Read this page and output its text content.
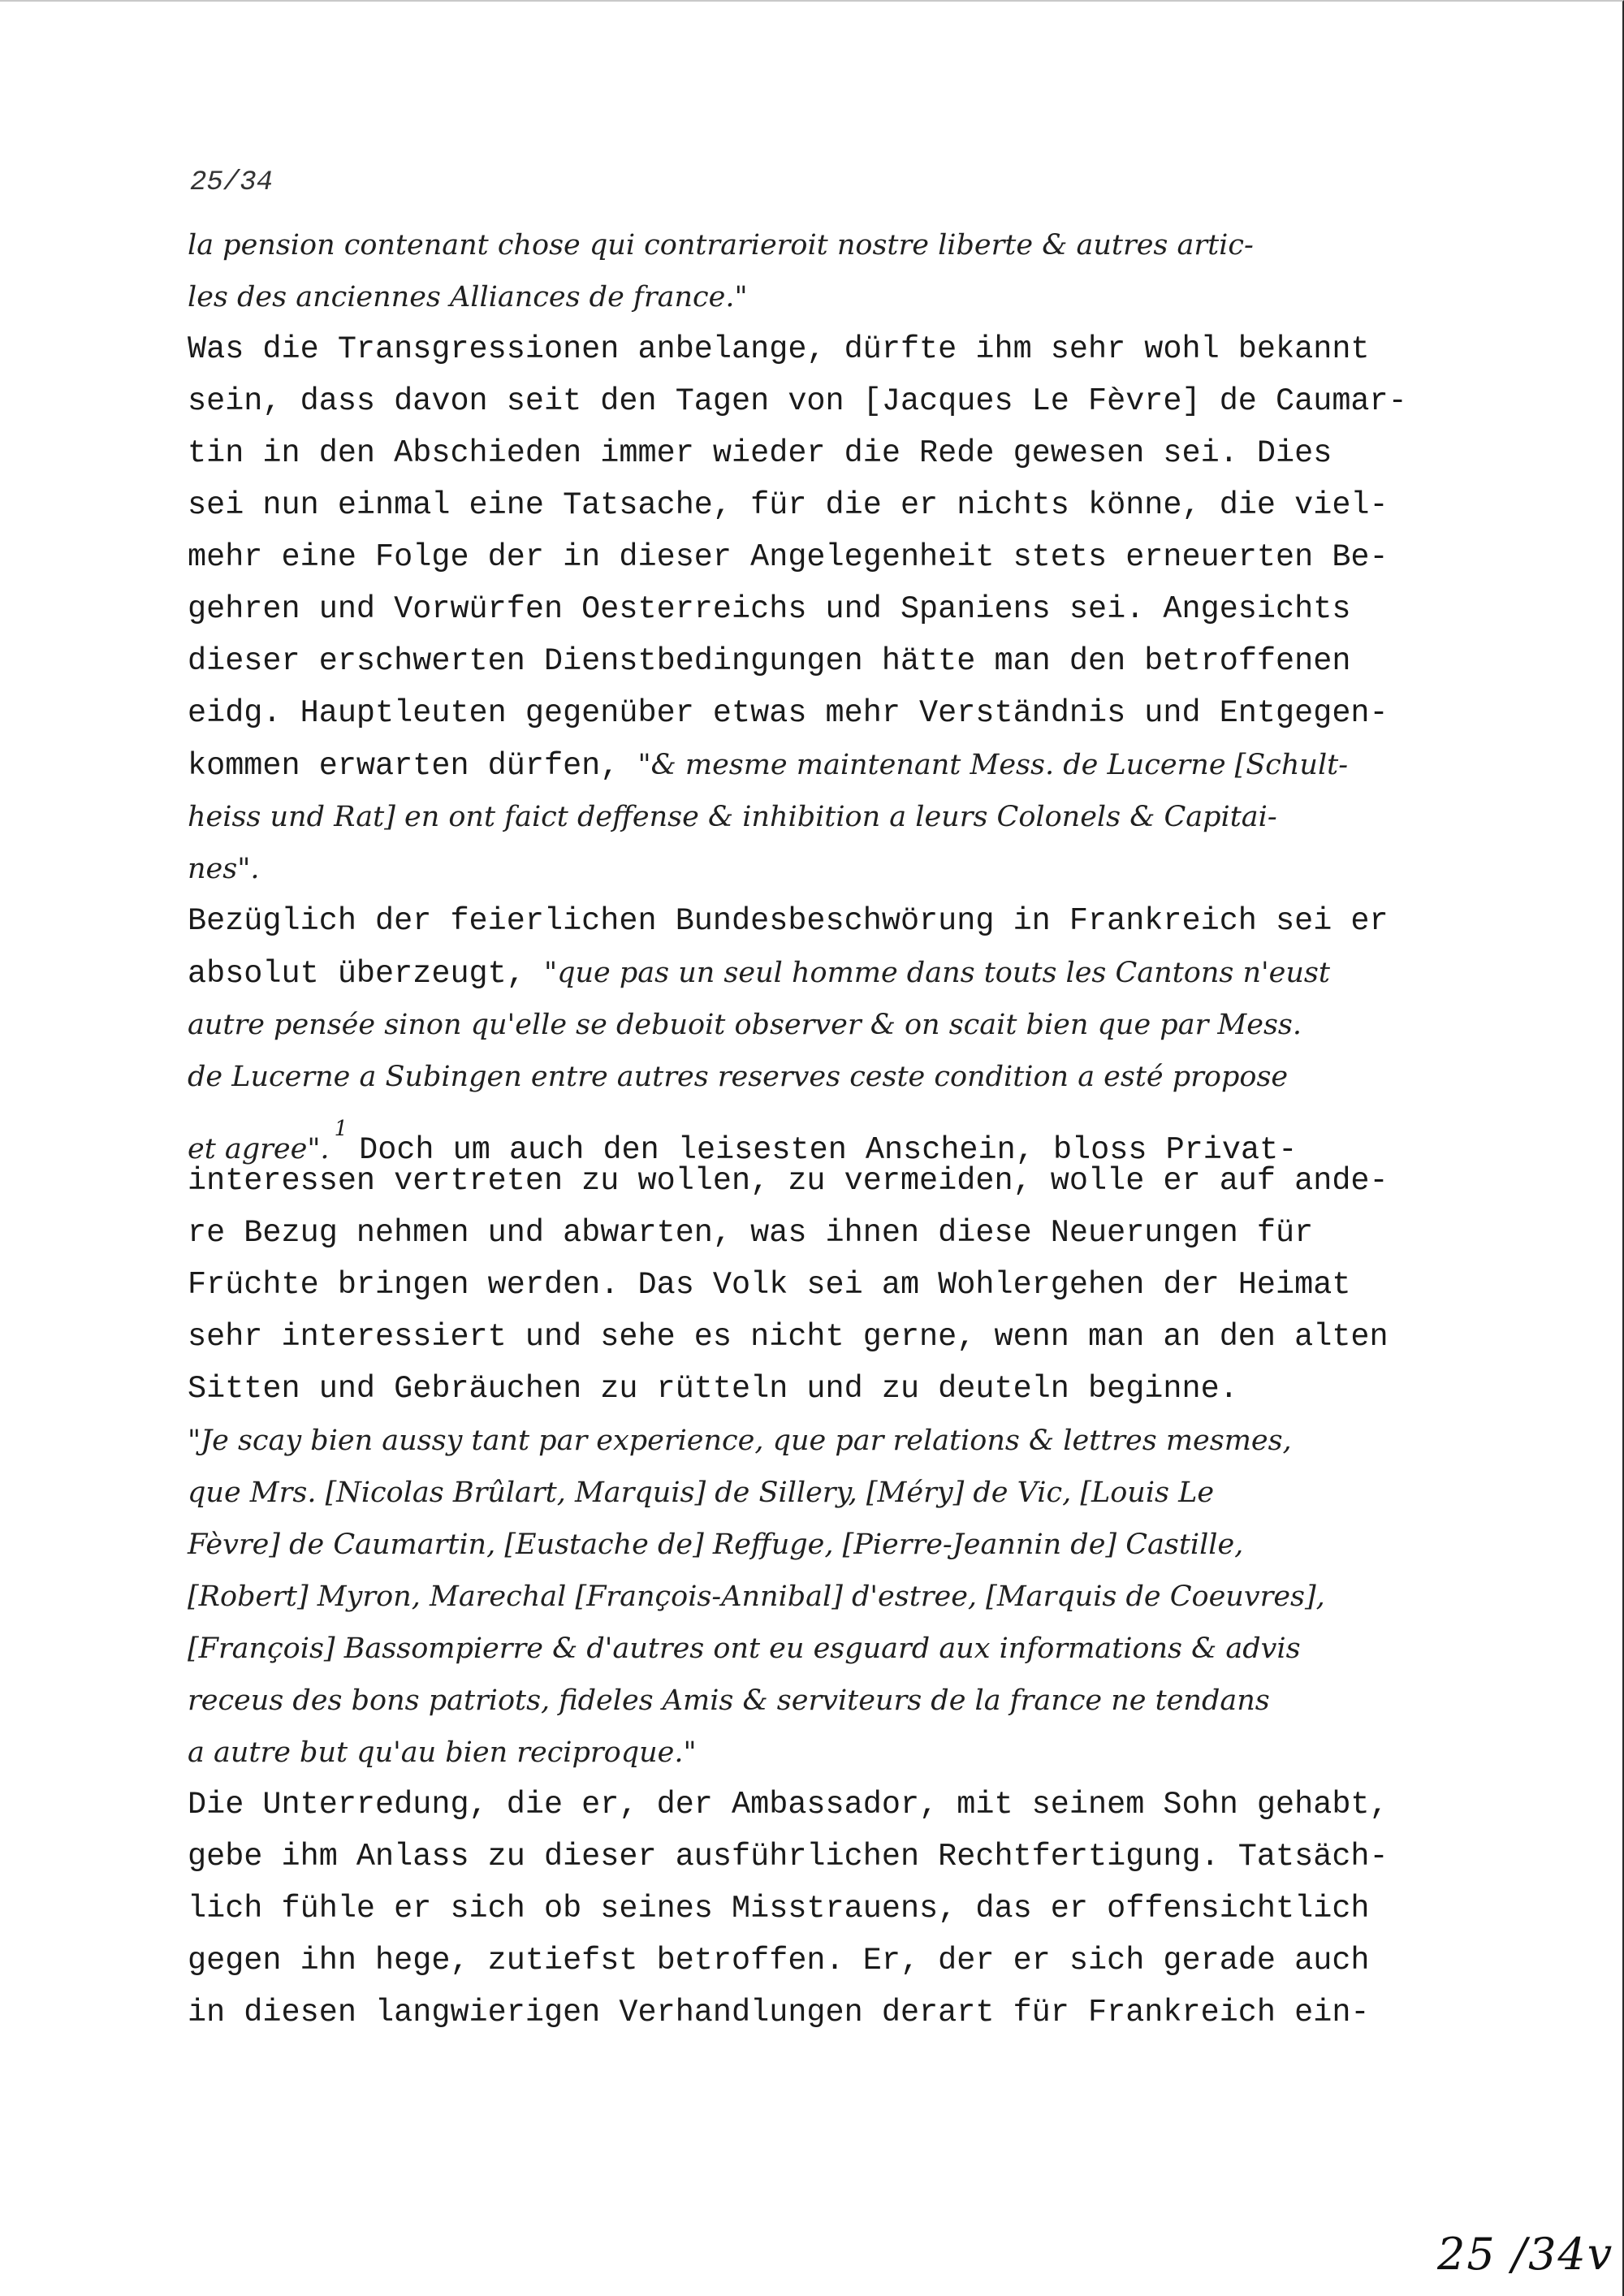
25/34
la pension contenant chose qui contrarieroit nostre liberte & autres artic-
les des anciennes Alliances de france."
Was die Transgressionen anbelange, dürfte ihm sehr wohl bekannt
sein, dass davon seit den Tagen von [Jacques Le Fèvre] de Caumar-
tin in den Abschieden immer wieder die Rede gewesen sei. Dies
sei nun einmal eine Tatsache, für die er nichts könne, die viel-
mehr eine Folge der in dieser Angelegenheit stets erneuerten Be-
gehren und Vorwürfen Oesterreichs und Spaniens sei. Angesichts
dieser erschwerten Dienstbedingungen hätte man den betroffenen
eidg. Hauptleuten gegenüber etwas mehr Verständnis und Entgegen-
kommen erwarten dürfen, "& mesme maintenant Mess. de Lucerne [Schult-
heiss und Rat] en ont faict deffense & inhibition a leurs Colonels & Capitai-
nes".
Bezüglich der feierlichen Bundesbeschwörung in Frankreich sei er
absolut überzeugt, "que pas un seul homme dans touts les Cantons n'eust
autre pensée sinon qu'elle se debuoit observer & on scait bien que par Mess.
de Lucerne a Subingen entre autres reserves ceste condition a esté propose
et agree".$^1$Doch um auch den leisesten Anschein, bloss Privat-
interessen vertreten zu wollen, zu vermeiden, wolle er auf ande-
re Bezug nehmen und abwarten, was ihnen diese Neuerungen für
Früchte bringen werden. Das Volk sei am Wohlergehen der Heimat
sehr interessiert und sehe es nicht gerne, wenn man an den alten
Sitten und Gebräuchen zu rütteln und zu deuteln beginne.
"Je scay bien aussy tant par experience, que par relations & lettres mesmes,
que Mrs. [Nicolas Brûlart, Marquis] de Sillery, [Méry] de Vic, [Louis Le
Fèvre] de Caumartin, [Eustache de] Reffuge, [Pierre-Jeannin de] Castille,
[Robert] Myron, Marechal [François-Annibal] d'estree, [Marquis de Coeuvres],
[François] Bassompierre & d'autres ont eu esguard aux informations & advis
receus des bons patriots, fideles Amis & serviteurs de la france ne tendans
a autre but qu'au bien reciproque."
Die Unterredung, die er, der Ambassador, mit seinem Sohn gehabt,
gebe ihm Anlass zu dieser ausführlichen Rechtfertigung. Tatsäch-
lich fühle er sich ob seines Misstrauens, das er offensichtlich
gegen ihn hege, zutiefst betroffen. Er, der er sich gerade auch
in diesen langwierigen Verhandlungen derart für Frankreich ein-
25 /34v
